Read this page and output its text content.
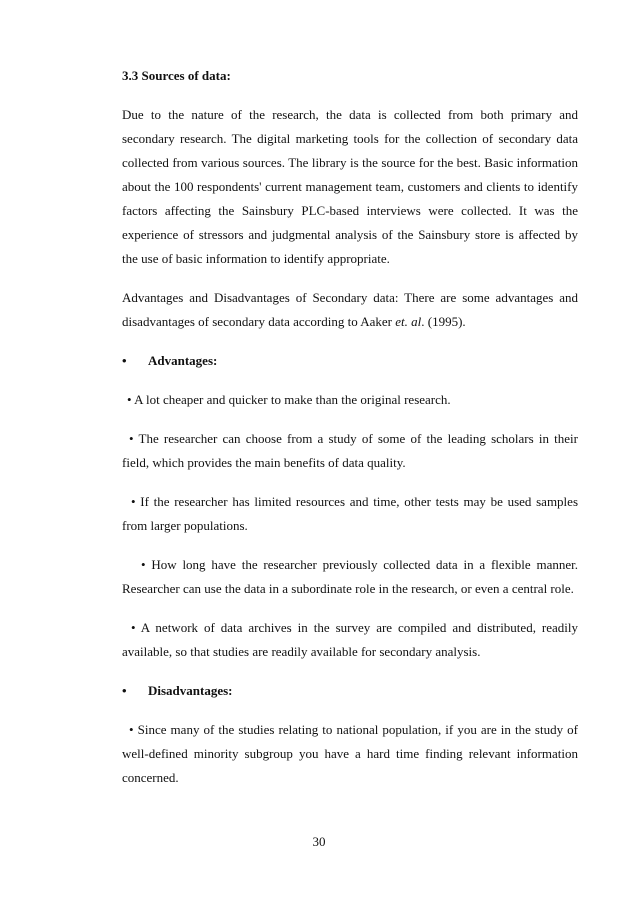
3.3 Sources of data:

Due to the nature of the research, the data is collected from both primary and secondary research. The digital marketing tools for the collection of secondary data collected from various sources. The library is the source for the best. Basic information about the 100 respondents' current management team, customers and clients to identify factors affecting the Sainsbury PLC-based interviews were collected. It was the experience of stressors and judgmental analysis of the Sainsbury store is affected by the use of basic information to identify appropriate.

Advantages and Disadvantages of Secondary data: There are some advantages and disadvantages of secondary data according to Aaker et. al. (1995).

•	Advantages:

• A lot cheaper and quicker to make than the original research.

• The researcher can choose from a study of some of the leading scholars in their field, which provides the main benefits of data quality.

• If the researcher has limited resources and time, other tests may be used samples from larger populations.

• How long have the researcher previously collected data in a flexible manner. Researcher can use the data in a subordinate role in the research, or even a central role.

• A network of data archives in the survey are compiled and distributed, readily available, so that studies are readily available for secondary analysis.

•	Disadvantages:

• Since many of the studies relating to national population, if you are in the study of well-defined minority subgroup you have a hard time finding relevant information concerned.

30
